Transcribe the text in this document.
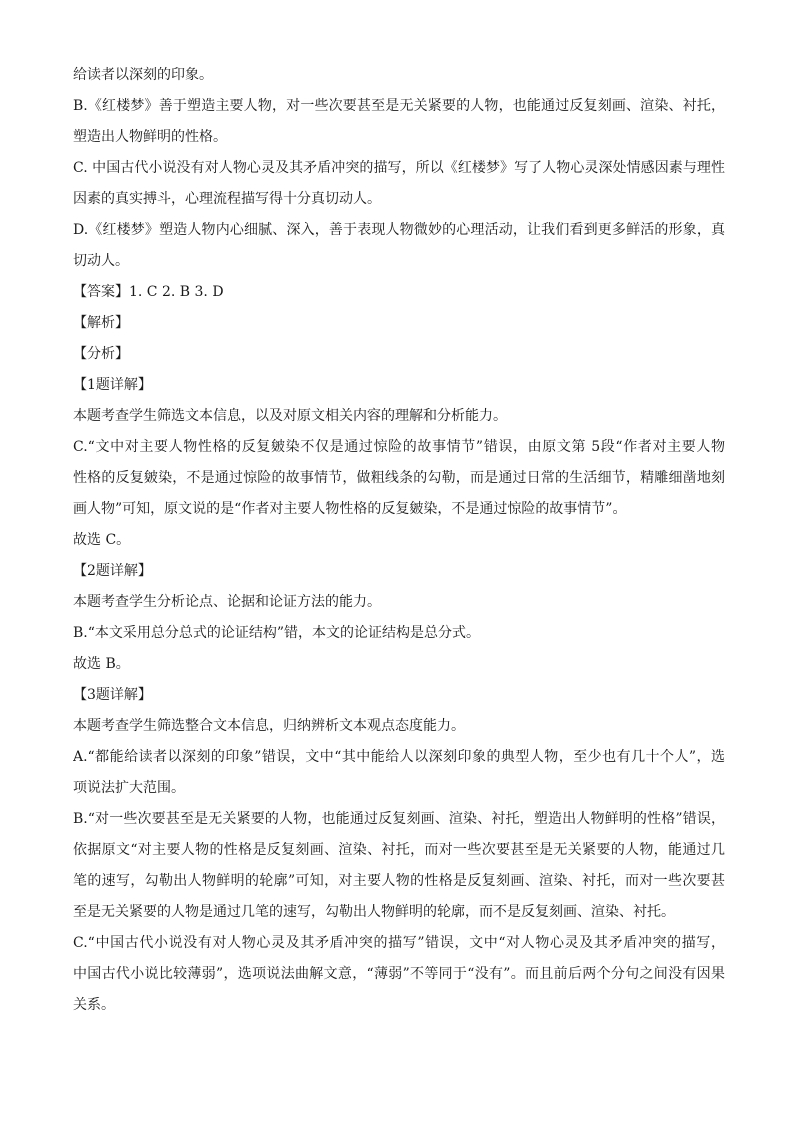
给读者以深刻的印象。
B.《红楼梦》善于塑造主要人物，对一些次要甚至是无关紧要的人物，也能通过反复刻画、渲染、衬托，
塑造出人物鲜明的性格。
C. 中国古代小说没有对人物心灵及其矛盾冲突的描写，所以《红楼梦》写了人物心灵深处情感因素与理性
因素的真实搏斗，心理流程描写得十分真切动人。
D.《红楼梦》塑造人物内心细腻、深入，善于表现人物微妙的心理活动，让我们看到更多鲜活的形象，真
切动人。
【答案】1. C 2. B 3. D
【解析】
【分析】
【1题详解】
本题考查学生筛选文本信息，以及对原文相关内容的理解和分析能力。
C.“文中对主要人物性格的反复皴染不仅是通过惊险的故事情节”错误，由原文第 5段“作者对主要人物
性格的反复皴染，不是通过惊险的故事情节，做粗线条的勾勒，而是通过日常的生活细节，精雕细凿地刻
画人物”可知，原文说的是“作者对主要人物性格的反复皴染，不是通过惊险的故事情节”。
故选 C。
【2题详解】
本题考查学生分析论点、论据和论证方法的能力。
B.“本文采用总分总式的论证结构”错，本文的论证结构是总分式。
故选 B。
【3题详解】
本题考查学生筛选整合文本信息，归纳辨析文本观点态度能力。
A.“都能给读者以深刻的印象”错误，文中“其中能给人以深刻印象的典型人物，至少也有几十个人”，选
项说法扩大范围。
B.“对一些次要甚至是无关紧要的人物，也能通过反复刻画、渲染、衬托，塑造出人物鲜明的性格”错误，
依据原文“对主要人物的性格是反复刻画、渲染、衬托，而对一些次要甚至是无关紧要的人物，能通过几
笔的速写，勾勒出人物鲜明的轮廓”可知，对主要人物的性格是反复刻画、渲染、衬托，而对一些次要甚
至是无关紧要的人物是通过几笔的速写，勾勒出人物鲜明的轮廓，而不是反复刻画、渲染、衬托。
C.“中国古代小说没有对人物心灵及其矛盾冲突的描写”错误，文中“对人物心灵及其矛盾冲突的描写，
中国古代小说比较薄弱”，选项说法曲解文意，“薄弱”不等同于“没有”。而且前后两个分句之间没有因果
关系。
